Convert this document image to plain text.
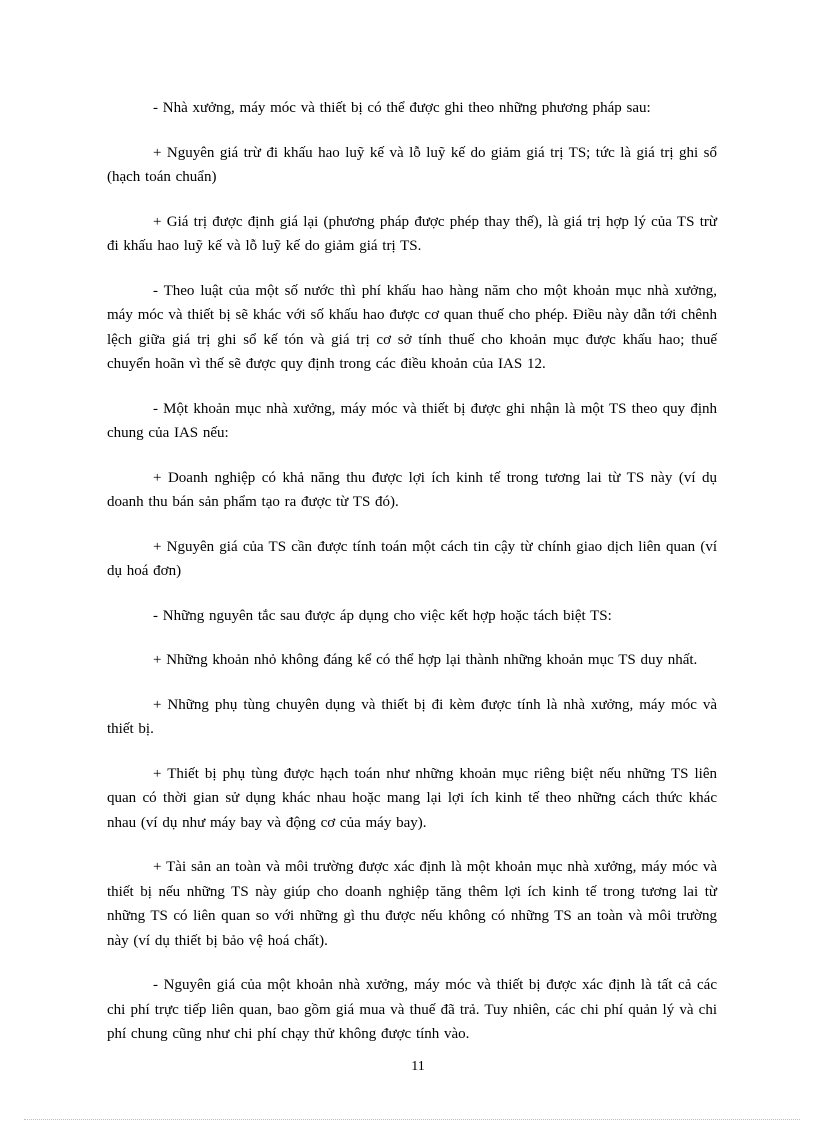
- Nhà xưởng, máy móc và thiết bị có thể được ghi theo những phương pháp sau:

+ Nguyên giá trừ đi khấu hao luỹ kế và lỗ luỹ kế do giảm giá trị TS; tức là giá trị ghi sổ (hạch toán chuẩn)

+ Giá trị được định giá lại (phương pháp được phép thay thế), là giá trị hợp lý của TS trừ đi khấu hao luỹ kế và lỗ luỹ kế do giảm giá trị TS.

- Theo luật của một số nước thì phí khấu hao hàng năm cho một khoản mục nhà xưởng, máy móc và thiết bị sẽ khác với số khấu hao được cơ quan thuế cho phép. Điều này dẫn tới chênh lệch giữa giá trị ghi sổ kế tón và giá trị cơ sở tính thuế cho khoản mục được khấu hao; thuế chuyển hoãn vì thế sẽ được quy định trong các điều khoản của IAS 12.

- Một khoản mục nhà xưởng, máy móc và thiết bị được ghi nhận là một TS theo quy định chung của IAS nếu:

+ Doanh nghiệp có khả năng thu được lợi ích kinh tế trong tương lai từ TS này (ví dụ doanh thu bán sản phẩm tạo ra được từ TS đó).

+ Nguyên giá của TS cần được tính toán một cách tin cậy từ chính giao dịch liên quan (ví dụ hoá đơn)

- Những nguyên tắc sau được áp dụng cho việc kết hợp hoặc tách biệt TS:

+ Những khoản nhỏ không đáng kể có thể hợp lại thành những khoản mục TS duy nhất.

+ Những phụ tùng chuyên dụng và thiết bị đi kèm được tính là nhà xưởng, máy móc và thiết bị.

+ Thiết bị phụ tùng được hạch toán như những khoản mục riêng biệt nếu những TS liên quan có thời gian sử dụng khác nhau hoặc mang lại lợi ích kinh tế theo những cách thức khác nhau (ví dụ như máy bay và động cơ của máy bay).

+ Tài sản an toàn và môi trường được xác định là một khoản mục nhà xưởng, máy móc và thiết bị nếu những TS này giúp cho doanh nghiệp tăng thêm lợi ích kinh tế trong tương lai từ những TS có liên quan so với những gì thu được nếu không có những TS an toàn và môi trường này (ví dụ thiết bị bảo vệ hoá chất).

- Nguyên giá của một khoản nhà xưởng, máy móc và thiết bị được xác định là tất cả các chi phí trực tiếp liên quan, bao gồm giá mua và thuế đã trả. Tuy nhiên, các chi phí quản lý và chi phí chung cũng như chi phí chạy thử không được tính vào.

11
